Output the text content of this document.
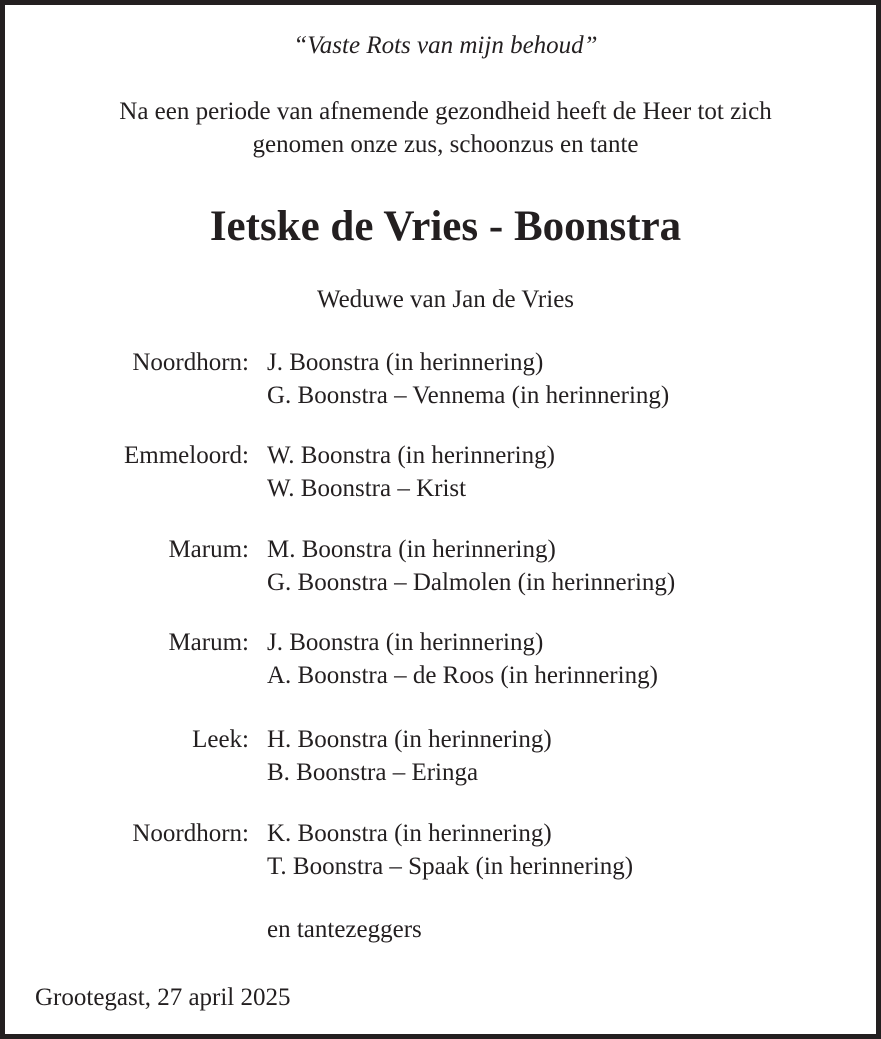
“Vaste Rots van mijn behoud”
Na een periode van afnemende gezondheid heeft de Heer tot zich
genomen onze zus, schoonzus en tante
Ietske de Vries - Boonstra
Weduwe van Jan de Vries
Noordhorn: J. Boonstra (in herinnering)
G. Boonstra – Vennema (in herinnering)
Emmeloord: W. Boonstra (in herinnering)
W. Boonstra – Krist
Marum: M. Boonstra (in herinnering)
G. Boonstra – Dalmolen (in herinnering)
Marum: J. Boonstra (in herinnering)
A. Boonstra – de Roos (in herinnering)
Leek: H. Boonstra (in herinnering)
B. Boonstra – Eringa
Noordhorn: K. Boonstra (in herinnering)
T. Boonstra – Spaak (in herinnering)
en tantezeggers
Grootegast, 27 april 2025
